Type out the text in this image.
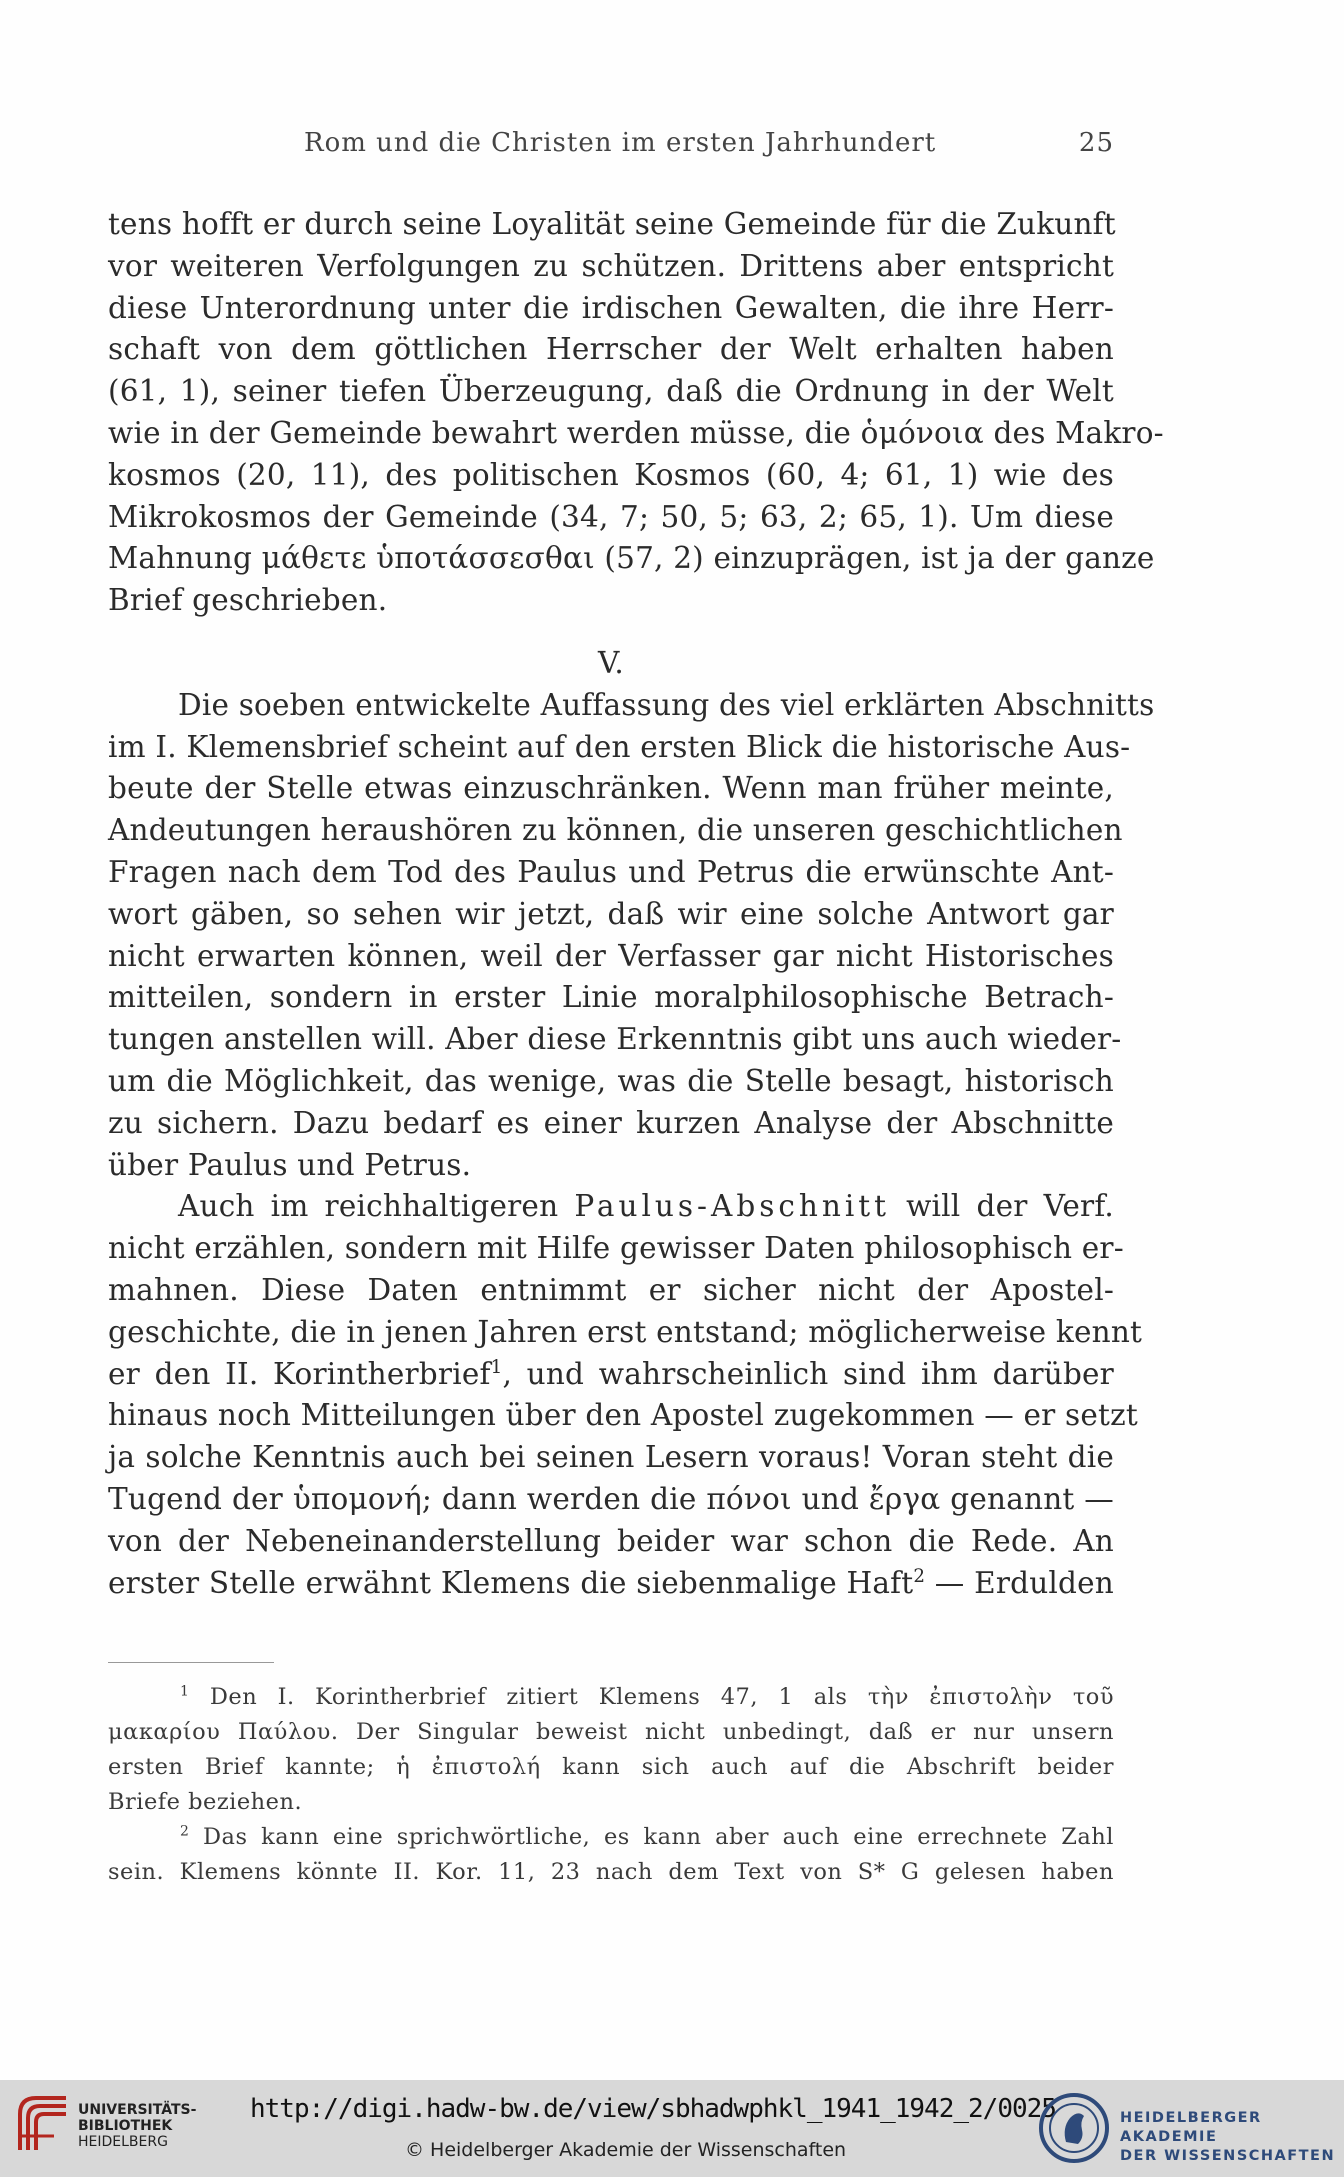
Rom und die Christen im ersten Jahrhundert	25
tens hofft er durch seine Loyalität seine Gemeinde für die Zukunft
vor weiteren Verfolgungen zu schützen. Drittens aber entspricht
diese Unterordnung unter die irdischen Gewalten, die ihre Herr-
schaft von dem göttlichen Herrscher der Welt erhalten haben
(61, 1), seiner tiefen Überzeugung, daß die Ordnung in der Welt
wie in der Gemeinde bewahrt werden müsse, die ὁμόνοια des Makro-
kosmos (20, 11), des politischen Kosmos (60, 4; 61, 1) wie des
Mikrokosmos der Gemeinde (34, 7; 50, 5; 63, 2; 65, 1). Um diese
Mahnung μάθετε ὑποτάσσεσθαι (57, 2) einzuprägen, ist ja der ganze
Brief geschrieben.
V.
Die soeben entwickelte Auffassung des viel erklärten Abschnitts
im I. Klemensbrief scheint auf den ersten Blick die historische Aus-
beute der Stelle etwas einzuschränken. Wenn man früher meinte,
Andeutungen heraushören zu können, die unseren geschichtlichen
Fragen nach dem Tod des Paulus und Petrus die erwünschte Ant-
wort gäben, so sehen wir jetzt, daß wir eine solche Antwort gar
nicht erwarten können, weil der Verfasser gar nicht Historisches
mitteilen, sondern in erster Linie moralphilosophische Betrach-
tungen anstellen will. Aber diese Erkenntnis gibt uns auch wieder-
um die Möglichkeit, das wenige, was die Stelle besagt, historisch
zu sichern. Dazu bedarf es einer kurzen Analyse der Abschnitte
über Paulus und Petrus.
Auch im reichhaltigeren Paulus-Abschnitt will der Verf.
nicht erzählen, sondern mit Hilfe gewisser Daten philosophisch er-
mahnen. Diese Daten entnimmt er sicher nicht der Apostel-
geschichte, die in jenen Jahren erst entstand; möglicherweise kennt
er den II. Korintherbrief$^1$, und wahrscheinlich sind ihm darüber
hinaus noch Mitteilungen über den Apostel zugekommen — er setzt
ja solche Kenntnis auch bei seinen Lesern voraus! Voran steht die
Tugend der ὑπομονή; dann werden die πόνοι und ἔργα genannt —
von der Nebeneinanderstellung beider war schon die Rede. An
erster Stelle erwähnt Klemens die siebenmalige Haft$^2$ — Erdulden
$^1$ Den I. Korintherbrief zitiert Klemens 47, 1 als τὴν ἐπιστολὴν τοῦ
μακαρίου Παύλου. Der Singular beweist nicht unbedingt, daß er nur unsern
ersten Brief kannte; ἡ ἐπιστολή kann sich auch auf die Abschrift beider
Briefe beziehen.
$^2$ Das kann eine sprichwörtliche, es kann aber auch eine errechnete Zahl
sein. Klemens könnte II. Kor. 11, 23 nach dem Text von S* G gelesen haben
UNIVERSITÄTS-
BIBLIOTHEK
HEIDELBERG
http://digi.hadw-bw.de/view/sbhadwphkl_1941_1942_2/0025
© Heidelberger Akademie der Wissenschaften
HEIDELBERGER AKADEMIE
DER WISSENSCHAFTEN
